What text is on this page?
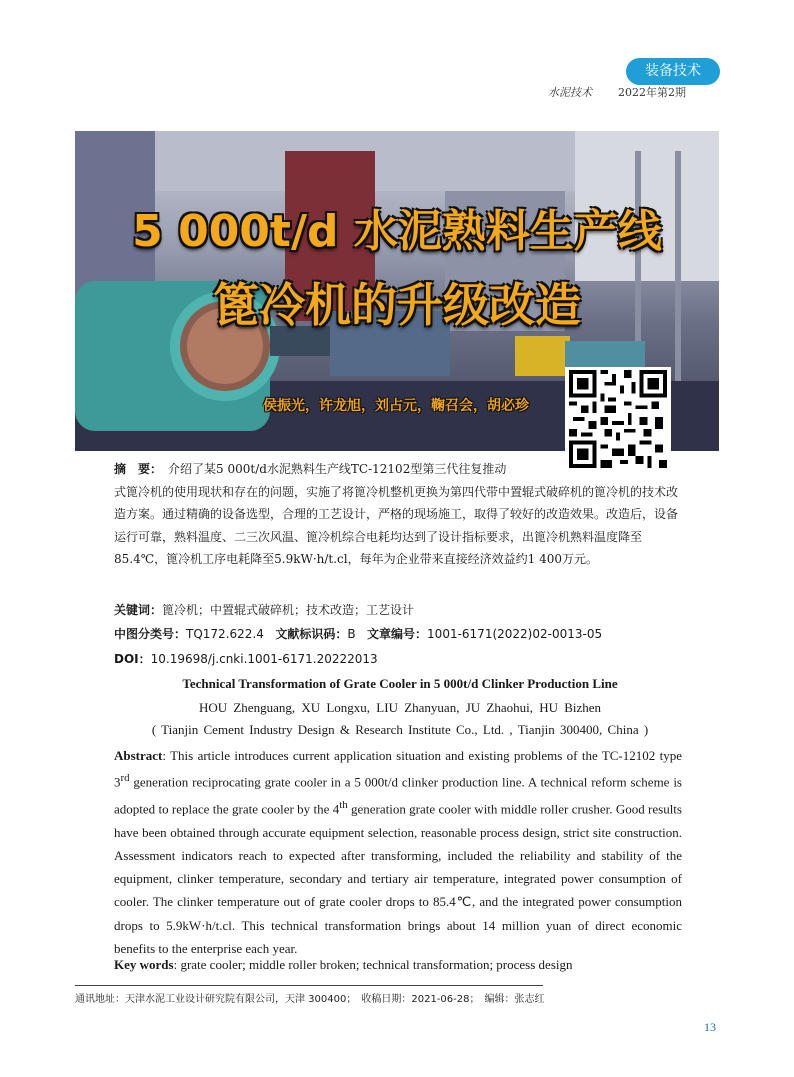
装备技术
水泥技术 2022年第2期
5 000t/d 水泥熟料生产线
篦冷机的升级改造
侯振光，许龙旭，刘占元，鞠召会，胡必珍
摘　要： 介绍了某5 000t/d水泥熟料生产线TC-12102型第三代往复推动
式篦冷机的使用现状和存在的问题，实施了将篦冷机整机更换为第四代带中置辊式破碎机的篦冷机的技术改造方案。通过精确的设备选型，合理的工艺设计，严格的现场施工，取得了较好的改造效果。改造后，设备运行可靠，熟料温度、二三次风温、篦冷机综合电耗均达到了设计指标要求，出篦冷机熟料温度降至85.4℃，篦冷机工序电耗降至5.9kW·h/t.cl，每年为企业带来直接经济效益约1 400万元。
关键词：篦冷机；中置辊式破碎机；技术改造；工艺设计
中图分类号：TQ172.622.4 文献标识码：B 文章编号：1001-6171(2022)02-0013-05
DOI：10.19698/j.cnki.1001-6171.20222013
Technical Transformation of Grate Cooler in 5 000t/d Clinker Production Line
HOU Zhenguang, XU Longxu, LIU Zhanyuan, JU Zhaohui, HU Bizhen
( Tianjin Cement Industry Design & Research Institute Co., Ltd. , Tianjin 300400, China )
Abstract: This article introduces current application situation and existing problems of the TC-12102 type 3rd generation reciprocating grate cooler in a 5 000t/d clinker production line. A technical reform scheme is adopted to replace the grate cooler by the 4th generation grate cooler with middle roller crusher. Good results have been obtained through accurate equipment selection, reasonable process design, strict site construction. Assessment indicators reach to expected after transforming, included the reliability and stability of the equipment, clinker temperature, secondary and tertiary air temperature, integrated power consumption of cooler. The clinker temperature out of grate cooler drops to 85.4℃, and the integrated power consumption drops to 5.9kW·h/t.cl. This technical transformation brings about 14 million yuan of direct economic benefits to the enterprise each year.
Key words: grate cooler; middle roller broken; technical transformation; process design
通讯地址：天津水泥工业设计研究院有限公司，天津 300400；　收稿日期：2021-06-28；　编辑：张志红
13
